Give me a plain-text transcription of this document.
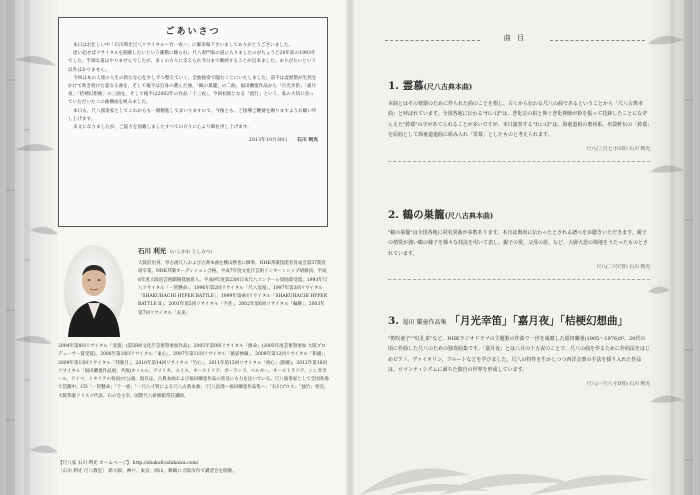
ごあいさつ

本日はお忙しい中「石川利光尺八リサイタル～竹一夜～」に御来場下さいましてありがとうございました。

思い起せばリサイタルを開催したいという衝動に駆られ、尺八専門家の道に入りましたのがちょうど20年前の1993年でした。半端な道はやりませんでしたが、多くの方々に支えられ今日まで継続することが出来ました。ありがたいという以外はありません。

今回は本の人達の人生の新たな心を少しずつ整えていく、全曲独奏で臨むことにいたしました。前半は虚無僧が生涯をかけて吹き続けた霊なる曲を、そして後半は自身の選んだ曲、「鶴の巣籠」の二曲、福田蘭童作品から「月光幸笛」「嘉月夜」「桔梗幻想曲」の三曲を、そして後半は2002年の作品「十三夜」、今回初演となる「流行」という、私の大切に育っていただいたこの曲構成を組みました。

本日も、尺八演奏家としてこれからも一層精進してまいりますので、今後とも、ご指導ご鞭撻を賜りますようお願い申し上げます。

末文になりましたが、ご協力を頂戴しましたすべての方々に心より御礼申し上げます。

2013年10月30日 石川 利光
石川 利光 (いしかわ としみつ)

大阪府出身。琴古流尺八および古典本曲を横山勝也に師事。NHK邦楽技能者育成会第37期首席卒業。NHK邦楽オーディション合格。平成7年度文化庁芸術インターンシップ研修員。平成8年度大阪府芸術劇場奨励新人。平成9年度第23回日本尺八コンクール奨励賞受賞。1993年尺八リサイタル「一管懸命」、1996年第2回リサイタル「尺八浪漫」、1997年第3回リサイタル「SHAKUHACHI HYPER BATTLE」、1999年第4回リサイタル「SHAKUHACHI HYPER BATTLE II」、2001年第5回リサイタル「不惑」、2002年第6回リサイタル「輪舞」、2003年第7回リサイタル「去来」

2004年第8回リサイタル「変貌」(第59回文化庁芸術祭参加作品)、2005年第9回リサイタル「源命」(2005年度芸術祭参加 大阪プロデューサー賞受賞)、2006年第10回リサイタル「東心」、2007年第11回リサイタル「風姿神韻」、2008年第12回リサイタル「和韻」、2009年第13回リサイタル「邦楽月」、2010年第14回リサイタル「竹心」、2011年第15回リサイタル「初心」(開催)、2012年第16回リサイタル「福田蘭童作品展」共演(ホノルル、アメリカ、スイス、オーストリア、ポーランド、ベルギー、オーストラリア、シンガポール、ドイツ、イタリアの各国)で公演。現在は、古典本曲および福田蘭童作品の普及にも力を注いでいる。尺八演奏家として全国各地で活躍中。CD「一管懸命」「十一重」「一尺八寸管による尺八古典本曲」「尺八浪漫～福田蘭童作品集～」「石川プロス」「独竹」発売。大阪邦楽ソリスツ代表。石の会主宰。国際尺八研修館常任講師。

【尺八家 石川 利光 ホームページ】 http://shaku8-ishikawa.com/
［石川 利光 尺八教室］ 新大阪、神戸、東京、岡山、舞鶴に大阪市内で講習会を開催。
曲 目

1. 霊慕(尺八古典本曲)

本曲とはその楽器のために作られた曲のことを指し、古くから伝わる尺八の曲であるということから「尺八古典本曲」と呼ばれています。全国各地に伝わる"れいぼ"は、普化宗の祖と仰ぐ普化禅師が鈴を振って托鉢したことになぞらえた"鈴慕"の字があてられることが多いですが、本日演奏する"れいぼ"は、海童道祖の奥州系、布袋軒伝の「鈴慕」を原曲として海童道道曲に組み入れ「霊慕」としたものと考えられます。

尺八(三尺七寸G管) 石川 利光

2. 鶴の巣籠(尺八古典本曲)

"鶴の巣籠"は全国各地に同名異曲が多数あります。本日は奥州に伝わったとされる譜べをお聴きいただきます。親子の情愛が強い鶴の様子を様々な技法を用いて表し、親子の愛、父母の恩、など、大層大悲の境地をうたったものとされています。

尺八(二尺C管) 石川 利光

3. 福田 蘭童作品集 「月光幸笛」「嘉月夜」「桔梗幻想曲」

"笛吹童子""紅孔雀"など、NHKラジオドラマの主題歌の作曲で一世を風靡した福田蘭童(1905～1976)が、20代の頃に作曲した尺八のための独奏曲集です。「嘉月夜」とは八月の十五夜のことで、尺八の曲を作るために作曲法をはじめピアノ、ヴァイオリン、フルートなどを学びました。尺八の特性を生かしつつ西洋音楽の手法を採り入れた作品は、ロマンティシズムに満ちた独自の世界を形成しています。

尺八(一尺八寸D管) 石川 利光
